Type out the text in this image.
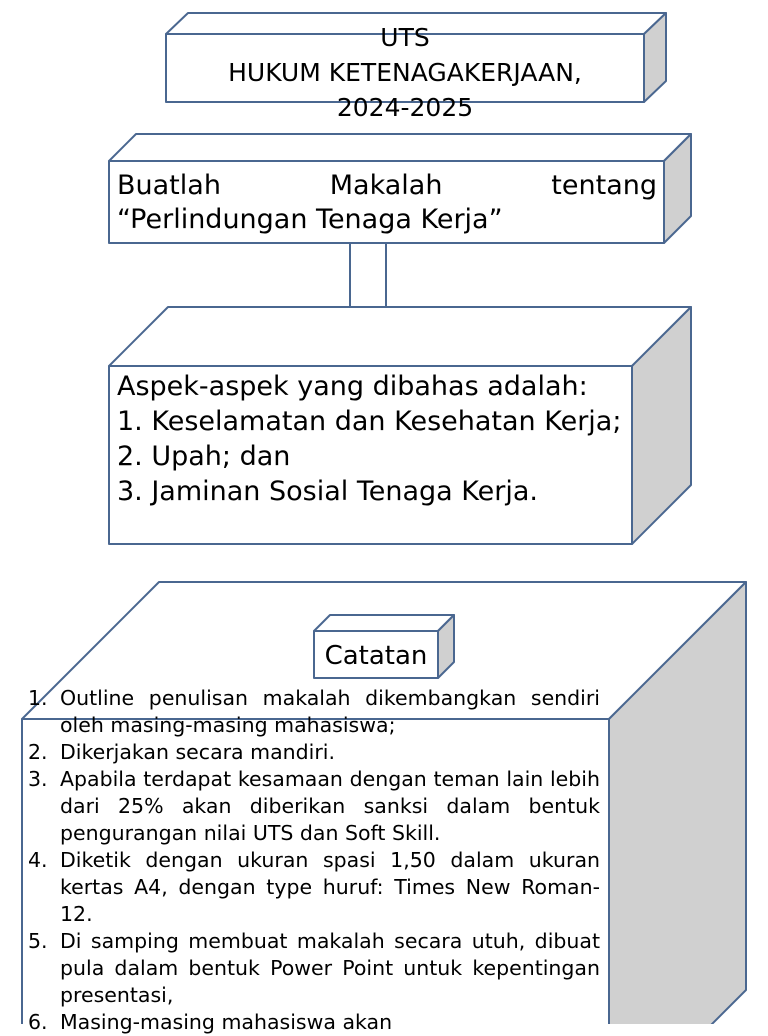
UTS
HUKUM KETENAGAKERJAAN,
2024-2025
Buatlah Makalah tentang
“Perlindungan Tenaga Kerja”
Aspek-aspek yang dibahas adalah:
1. Keselamatan dan Kesehatan Kerja;
2. Upah; dan
3. Jaminan Sosial Tenaga Kerja.
Catatan
1. Outline penulisan makalah dikembangkan sendiri oleh masing-masing mahasiswa;
2. Dikerjakan secara mandiri.
3. Apabila terdapat kesamaan dengan teman lain lebih dari 25% akan diberikan sanksi dalam bentuk pengurangan nilai UTS dan Soft Skill.
4. Diketik dengan ukuran spasi 1,50 dalam ukuran kertas A4, dengan type huruf: Times New Roman-12.
5. Di samping membuat makalah secara utuh, dibuat pula dalam bentuk Power Point untuk kepentingan presentasi,
6. Masing-masing mahasiswa akan
